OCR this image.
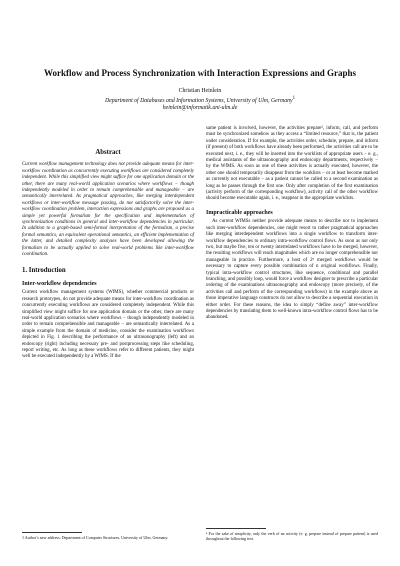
Workflow and Process Synchronization with Interaction Expressions and Graphs
Christian Heinlein
Department of Databases and Information Systems, University of Ulm, Germany$^1$
heinlein@informatik.uni-ulm.de
Abstract
Current workflow management technology does not provide adequate means for inter-workflow coordination as concurrently executing workflows are considered completely independent. While this simplified view might suffice for one application domain or the other, there are many real-world application scenarios where workflows − though independently modeled in order to remain comprehensible and manageable − are semantically interrelated. As pragmatical approaches, like merging interdependent workflows or inter-workflow message passing, do not satisfactorily solve the inter-workflow coordination problem, interaction expressions and graphs are proposed as a simple yet powerful formalism for the specification and implementation of synchronization conditions in general and inter-workflow dependencies in particular. In addition to a graph-based semi-formal interpretation of the formalism, a precise formal semantics, an equivalent operational semantics, an efficient implementation of the latter, and detailed complexity analyses have been developed allowing the formalism to be actually applied to solve real-world problems like inter-workflow coordination.
1. Introduction
Inter-workflow dependencies
Current workflow management systems (WfMS), whether commercial products or research prototypes, do not provide adequate means for inter-workflow coordination as concurrently executing workflows are considered completely independent. While this simplified view might suffice for one application domain or the other, there are many real-world application scenarios where workflows − though independently modeled in order to remain comprehensible and manageable − are semantically interrelated. As a simple example from the domain of medicine, consider the examination workflows depicted in Fig. 1 describing the performance of an ultrasonography (left) and an endoscopy (right) including necessary pre- and postprocessing steps like scheduling, report writing, etc. As long as these workflows refer to different patients, they might well be executed independently by a WfMS. If the
same patient is involved, however, the activities prepare², inform, call, and perform must be synchronized somehow as they access a “limited resource,” that is, the patient under consideration. If for example, the activities order, schedule, prepare, and inform (if present) of both workflows have already been performed, the activities call are to be executed next, i. e., they will be inserted into the worklists of appropriate users − e. g., medical assistants of the ultrasonography and endoscopy departments, respectively − by the WfMS. As soon as one of these activities is actually executed, however, the other one should temporarily disappear from the worklists − or at least become marked as currently not executable − as a patient cannot be called to a second examination as long as he passes through the first one. Only after completion of the first examination (activity perform of the corresponding workflow), activity call of the other workflow should become executable again, i. e., reappear in the appropriate worklists.
Impracticable approaches
As current WfMSs neither provide adequate means to describe nor to implement such inter-workflow dependencies, one might resort to rather pragmatical approaches like merging interdependent workflows into a single workflow to transform inter-workflow dependencies to ordinary intra-workflow control flows. As soon as not only two, but maybe five, ten or twenty interrelated workflows have to be merged, however, the resulting workflows will reach magnitudes which are no longer comprehensible nor manageable in practice. Furthermore, a host of 2ⁿ merged workflows would be necessary to capture every possible combination of n original workflows. Finally, typical intra-workflow control structures, like sequence, conditional and parallel branching, and possibly loop, would force a workflow designer to prescribe a particular ordering of the examinations ultrasonography and endoscopy (more precisely, of the activities call and perform of the corresponding workflows) in the example above as those imperative language constructs do not allow to describe a sequential execution in either order. For these reasons, the idea to simply “define away” inter-workflow dependencies by translating them to well-known intra-workflow control flows has to be abandoned.
1 Author’s new address: Department of Computer Structures, University of Ulm, Germany.
² For the sake of simplicity, only the verb of an activity (e. g. prepare instead of prepare patient) is used throughout the following text.
